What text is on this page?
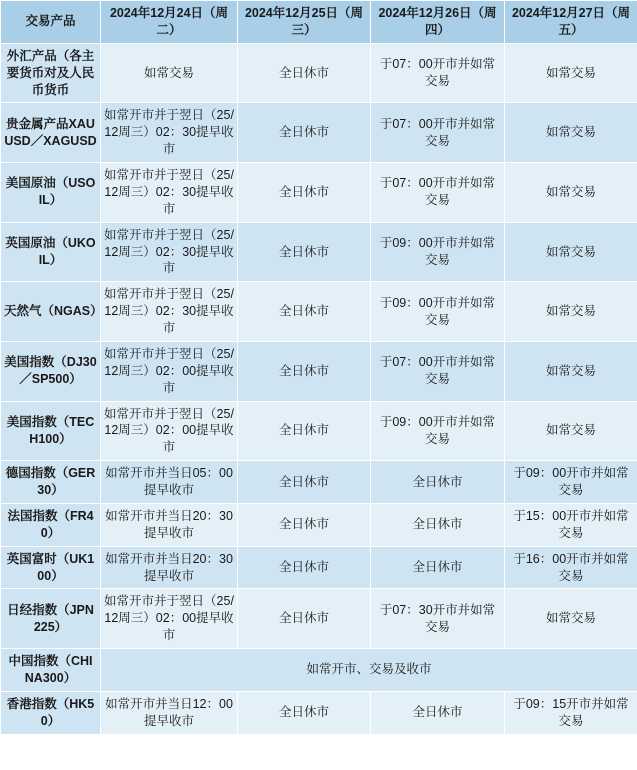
交易产品	2024年12月24日（周二）	2024年12月25日（周三）	2024年12月26日（周四）	2024年12月27日（周五）
外汇产品（各主要货币对及人民币货币	如常交易	全日休市	于07：00开市并如常交易	如常交易
贵金属产品XAUUSD／XAGUSD	如常开市并于翌日（25/12周三）02：30提早收市	全日休市	于07：00开市并如常交易	如常交易
美国原油（USOIL）	如常开市并于翌日（25/12周三）02：30提早收市	全日休市	于07：00开市并如常交易	如常交易
英国原油（UKOIL）	如常开市并于翌日（25/12周三）02：30提早收市	全日休市	于09：00开市并如常交易	如常交易
天然气（NGAS）	如常开市并于翌日（25/12周三）02：30提早收市	全日休市	于09：00开市并如常交易	如常交易
美国指数（DJ30／SP500）	如常开市并于翌日（25/12周三）02：00提早收市	全日休市	于07：00开市并如常交易	如常交易
美国指数（TECH100）	如常开市并于翌日（25/12周三）02：00提早收市	全日休市	于09：00开市并如常交易	如常交易
德国指数（GER30）	如常开市并当日05：00提早收市	全日休市	全日休市	于09：00开市并如常交易
法国指数（FR40）	如常开市并当日20：30提早收市	全日休市	全日休市	于15：00开市并如常交易
英国富时（UK100）	如常开市并当日20：30提早收市	全日休市	全日休市	于16：00开市并如常交易
日经指数（JPN225）	如常开市并于翌日（25/12周三）02：00提早收市	全日休市	于07：30开市并如常交易	如常交易
中国指数（CHINA300）	如常开市、交易及收市			
香港指数（HK50）	如常开市并当日12：00提早收市	全日休市	全日休市	于09：15开市并如常交易
